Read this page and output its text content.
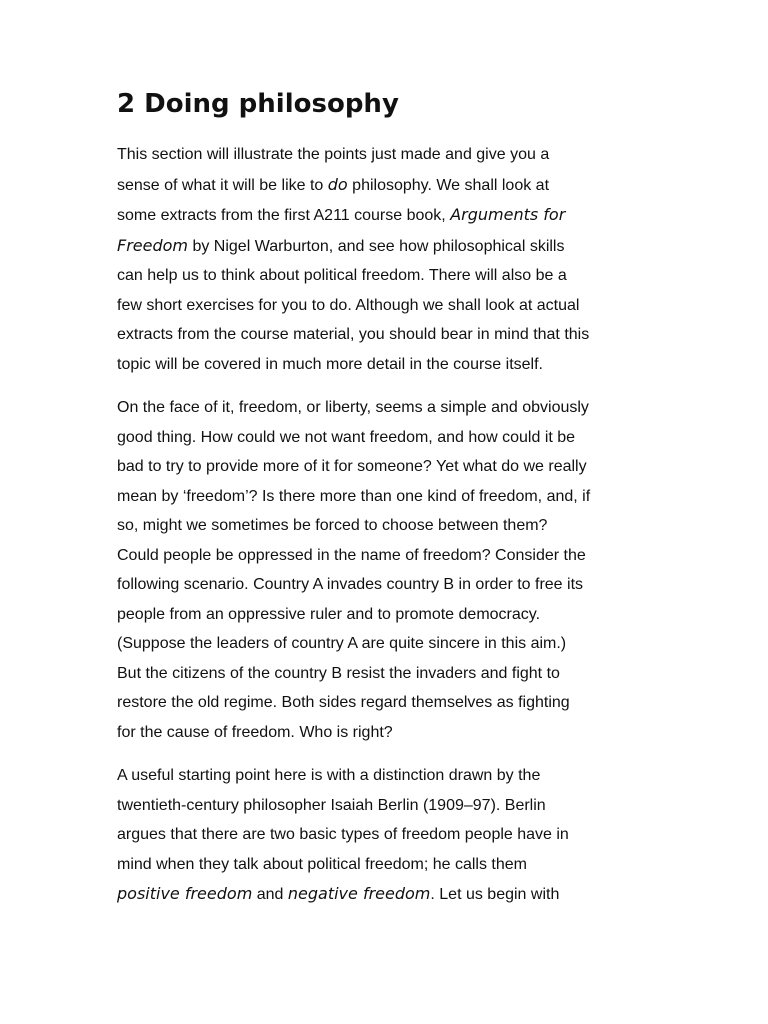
2 Doing philosophy

This section will illustrate the points just made and give you a
sense of what it will be like to do philosophy. We shall look at
some extracts from the first A211 course book, Arguments for
Freedom by Nigel Warburton, and see how philosophical skills
can help us to think about political freedom. There will also be a
few short exercises for you to do. Although we shall look at actual
extracts from the course material, you should bear in mind that this
topic will be covered in much more detail in the course itself.

On the face of it, freedom, or liberty, seems a simple and obviously
good thing. How could we not want freedom, and how could it be
bad to try to provide more of it for someone? Yet what do we really
mean by ‘freedom’? Is there more than one kind of freedom, and, if
so, might we sometimes be forced to choose between them?
Could people be oppressed in the name of freedom? Consider the
following scenario. Country A invades country B in order to free its
people from an oppressive ruler and to promote democracy.
(Suppose the leaders of country A are quite sincere in this aim.)
But the citizens of the country B resist the invaders and fight to
restore the old regime. Both sides regard themselves as fighting
for the cause of freedom. Who is right?

A useful starting point here is with a distinction drawn by the
twentieth-century philosopher Isaiah Berlin (1909–97). Berlin
argues that there are two basic types of freedom people have in
mind when they talk about political freedom; he calls them
positive freedom and negative freedom. Let us begin with
